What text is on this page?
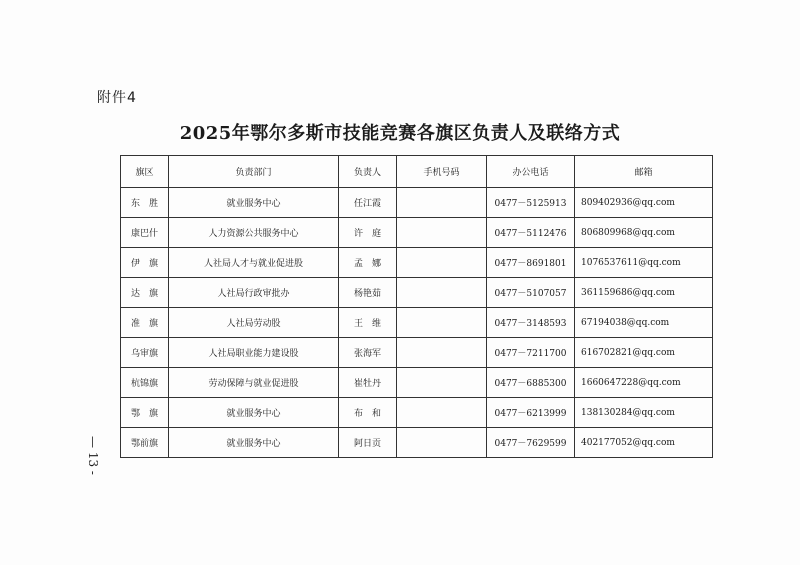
附件4
2025年鄂尔多斯市技能竞赛各旗区负责人及联络方式
旗区	负责部门	负责人	手机号码	办公电话	邮箱
东　胜	就业服务中心	任江霞		0477－5125913	809402936@qq.com
康巴什	人力资源公共服务中心	许　庭		0477－5112476	806809968@qq.com
伊　旗	人社局人才与就业促进股	孟　娜		0477－8691801	1076537611@qq.com
达　旗	人社局行政审批办	杨艳茹		0477－5107057	361159686@qq.com
准　旗	人社局劳动股	王　维		0477－3148593	67194038@qq.com
乌审旗	人社局职业能力建设股	张海军		0477－7211700	616702821@qq.com
杭锦旗	劳动保障与就业促进股	崔牡丹		0477－6885300	1660647228@qq.com
鄂　旗	就业服务中心	布　和		0477－6213999	138130284@qq.com
鄂前旗	就业服务中心	阿日贡		0477－7629599	402177052@qq.com
— 13 -
